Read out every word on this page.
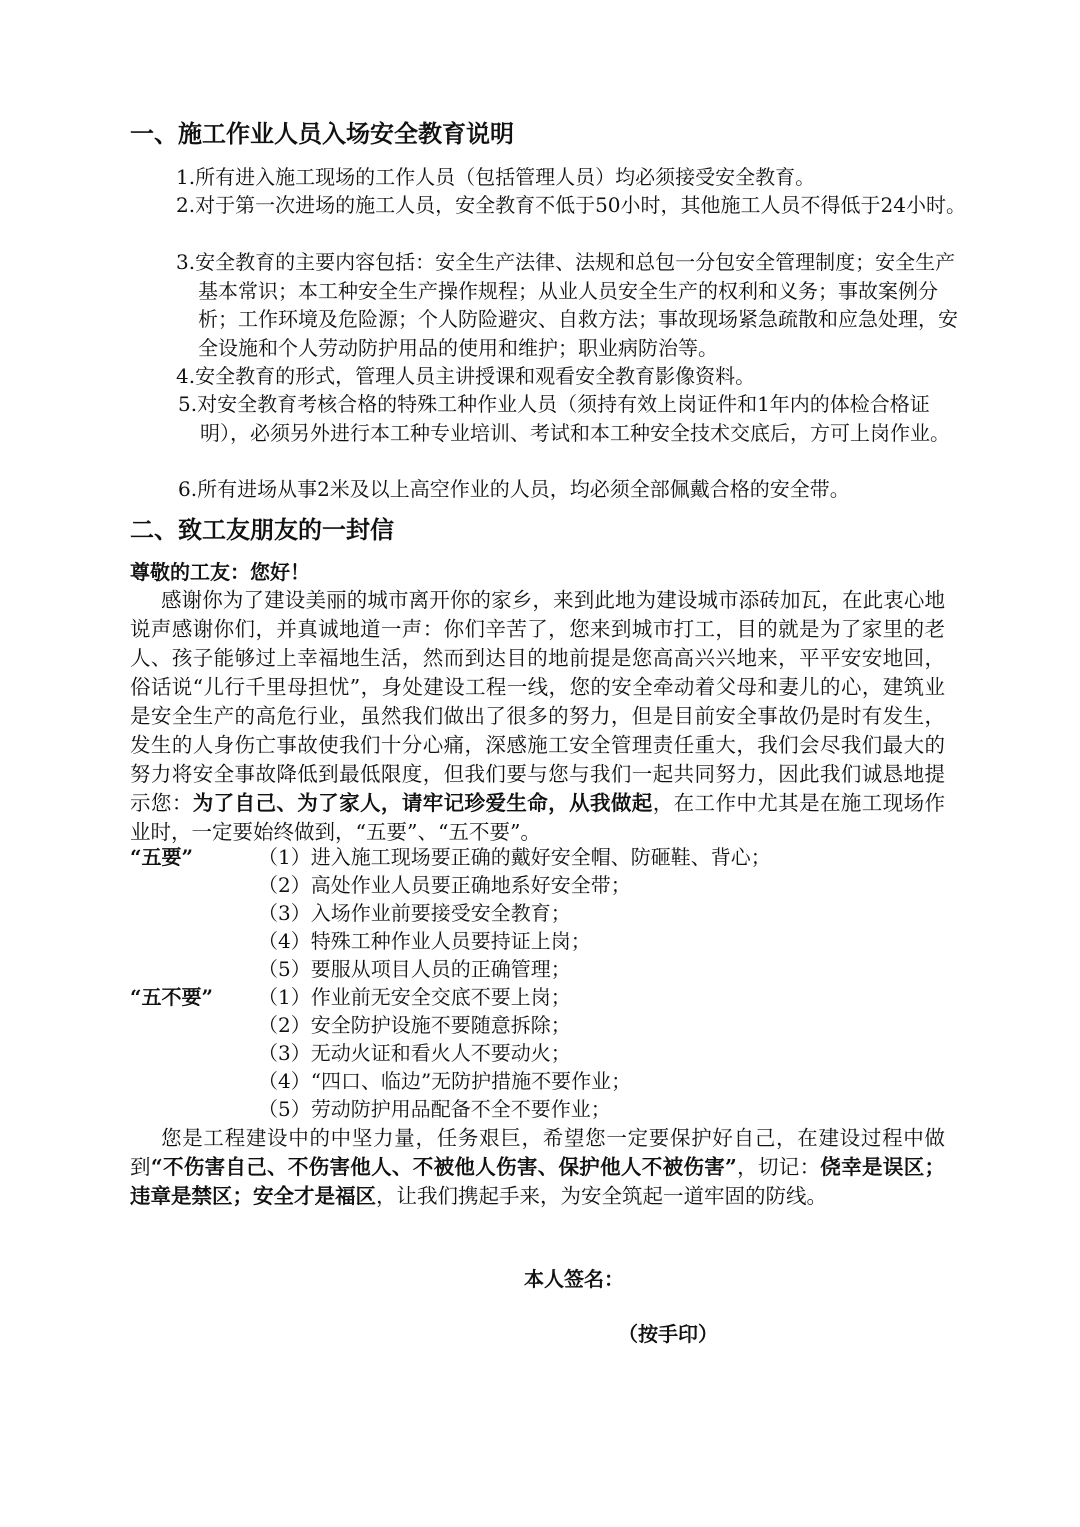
一、施工作业人员入场安全教育说明
1.所有进入施工现场的工作人员（包括管理人员）均必须接受安全教育。
2.对于第一次进场的施工人员，安全教育不低于50小时，其他施工人员不得低于24小时。
3.安全教育的主要内容包括：安全生产法律、法规和总包一分包安全管理制度；安全生产基本常识；本工种安全生产操作规程；从业人员安全生产的权利和义务；事故案例分析；工作环境及危险源；个人防险避灾、自救方法；事故现场紧急疏散和应急处理，安全设施和个人劳动防护用品的使用和维护；职业病防治等。
4.安全教育的形式，管理人员主讲授课和观看安全教育影像资料。
5.对安全教育考核合格的特殊工种作业人员（须持有效上岗证件和1年内的体检合格证明），必须另外进行本工种专业培训、考试和本工种安全技术交底后，方可上岗作业。
6.所有进场从事2米及以上高空作业的人员，均必须全部佩戴合格的安全带。
二、致工友朋友的一封信
尊敬的工友：您好！
感谢你为了建设美丽的城市离开你的家乡，来到此地为建设城市添砖加瓦，在此衷心地说声感谢你们，并真诚地道一声：你们辛苦了，您来到城市打工，目的就是为了家里的老人、孩子能够过上幸福地生活，然而到达目的地前提是您高高兴兴地来，平平安安地回，俗话说“儿行千里母担忧”，身处建设工程一线，您的安全牵动着父母和妻儿的心，建筑业是安全生产的高危行业，虽然我们做出了很多的努力，但是目前安全事故仍是时有发生，发生的人身伤亡事故使我们十分心痛，深感施工安全管理责任重大，我们会尽我们最大的努力将安全事故降低到最低限度，但我们要与您与我们一起共同努力，因此我们诚恳地提示您：为了自己、为了家人，请牢记珍爱生命，从我做起，在工作中尤其是在施工现场作业时，一定要始终做到，“五要”、“五不要”。
“五要”	（1）进入施工现场要正确的戴好安全帽、防砸鞋、背心；
（2）高处作业人员要正确地系好安全带；
（3）入场作业前要接受安全教育；
（4）特殊工种作业人员要持证上岗；
（5）要服从项目人员的正确管理；
“五不要” （1）作业前无安全交底不要上岗；
（2）安全防护设施不要随意拆除；
（3）无动火证和看火人不要动火；
（4）“四口、临边”无防护措施不要作业；
（5）劳动防护用品配备不全不要作业；
您是工程建设中的中坚力量，任务艰巨，希望您一定要保护好自己，在建设过程中做到“不伤害自己、不伤害他人、不被他人伤害、保护他人不被伤害”，切记：侥幸是误区；违章是禁区；安全才是福区，让我们携起手来，为安全筑起一道牢固的防线。
本人签名：
（按手印）
